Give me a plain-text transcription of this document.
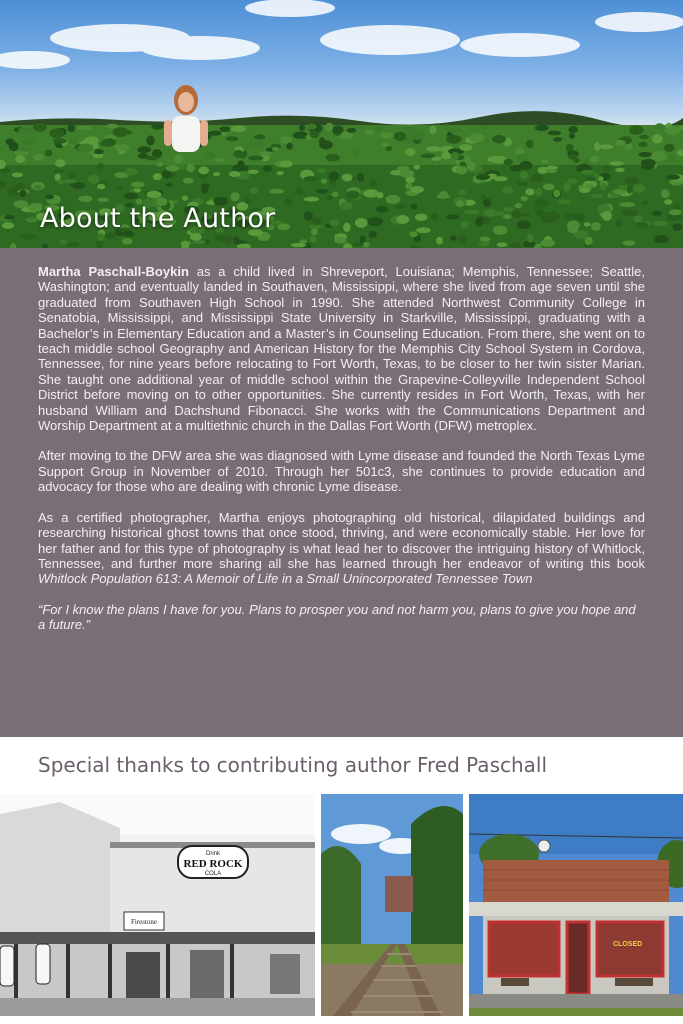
About the Author

Martha Paschall-Boykin as a child lived in Shreveport, Louisiana; Memphis, Tennessee; Seattle, Washington; and eventually landed in Southaven, Mississippi, where she lived from age seven until she graduated from Southaven High School in 1990. She attended Northwest Community College in Senatobia, Mississippi, and Mississippi State University in Starkville, Mississippi, graduating with a Bachelor’s in Elementary Education and a Master’s in Counseling Education. From there, she went on to teach middle school Geography and American History for the Memphis City School System in Cordova, Tennessee, for nine years before relocating to Fort Worth, Texas, to be closer to her twin sister Marian. She taught one additional year of middle school within the Grapevine-Colleyville Independent School District before moving on to other opportunities. She currently resides in Fort Worth, Texas, with her husband William and Dachshund Fibonacci. She works with the Communications Department and Worship Department at a multiethnic church in the Dallas Fort Worth (DFW) metroplex.

After moving to the DFW area she was diagnosed with Lyme disease and founded the North Texas Lyme Support Group in November of 2010. Through her 501c3, she continues to provide education and advocacy for those who are dealing with chronic Lyme disease.

As a certified photographer, Martha enjoys photographing old historical, dilapidated buildings and researching historical ghost towns that once stood, thriving, and were economically stable. Her love for her father and for this type of photography is what lead her to discover the intriguing history of Whitlock, Tennessee, and further more sharing all she has learned through her endeavor of writing this book Whitlock Population 613: A Memoir of Life in a Small Unincorporated Tennessee Town

“For I know the plans I have for you. Plans to prosper you and not harm you, plans to give you hope and a future.”

Special thanks to contributing author Fred Paschall
Drink
RED ROCK
COLA
Firestone
CLOSED
